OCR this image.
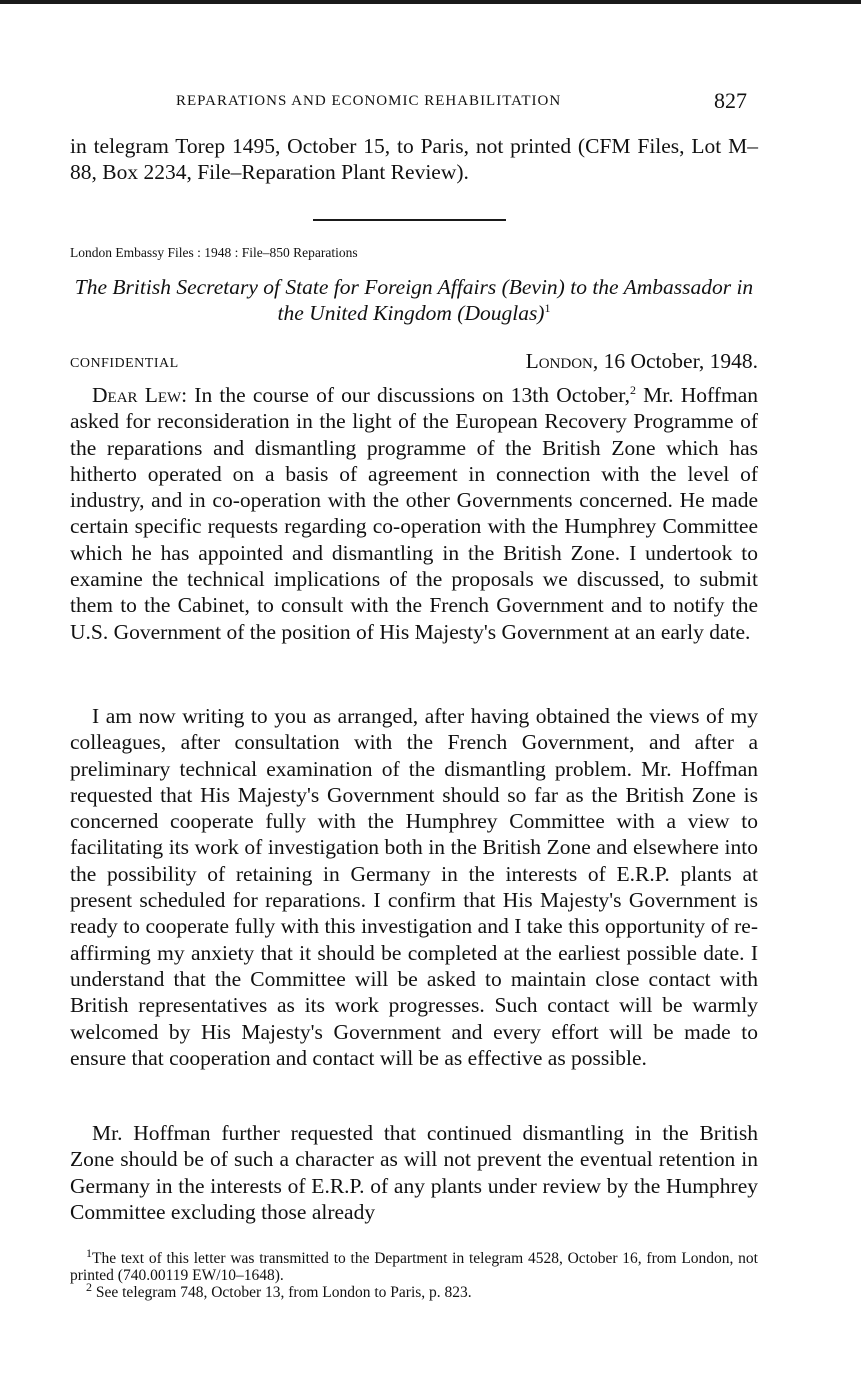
REPARATIONS AND ECONOMIC REHABILITATION	827

in telegram Torep 1495, October 15, to Paris, not printed (CFM Files, Lot M–88, Box 2234, File–Reparation Plant Review).

London Embassy Files : 1948 : File–850 Reparations

The British Secretary of State for Foreign Affairs (Bevin) to the Ambassador in the United Kingdom (Douglas)$^1$

CONFIDENTIAL	London, 16 October, 1948.

Dear Lew: In the course of our discussions on 13th October,$^2$ Mr. Hoffman asked for reconsideration in the light of the European Recovery Programme of the reparations and dismantling programme of the British Zone which has hitherto operated on a basis of agreement in connection with the level of industry, and in co-operation with the other Governments concerned. He made certain specific requests regarding co-operation with the Humphrey Committee which he has appointed and dismantling in the British Zone. I undertook to examine the technical implications of the proposals we discussed, to submit them to the Cabinet, to consult with the French Government and to notify the U.S. Government of the position of His Majesty's Government at an early date.

I am now writing to you as arranged, after having obtained the views of my colleagues, after consultation with the French Government, and after a preliminary technical examination of the dismantling problem. Mr. Hoffman requested that His Majesty's Government should so far as the British Zone is concerned cooperate fully with the Humphrey Committee with a view to facilitating its work of investigation both in the British Zone and elsewhere into the possibility of retaining in Germany in the interests of E.R.P. plants at present scheduled for reparations. I confirm that His Majesty's Government is ready to cooperate fully with this investigation and I take this opportunity of re-affirming my anxiety that it should be completed at the earliest possible date. I understand that the Committee will be asked to maintain close contact with British representatives as its work progresses. Such contact will be warmly welcomed by His Majesty's Government and every effort will be made to ensure that cooperation and contact will be as effective as possible.

Mr. Hoffman further requested that continued dismantling in the British Zone should be of such a character as will not prevent the eventual retention in Germany in the interests of E.R.P. of any plants under review by the Humphrey Committee excluding those already

$^1$The text of this letter was transmitted to the Department in telegram 4528, October 16, from London, not printed (740.00119 EW/10–1648).

$^2$ See telegram 748, October 13, from London to Paris, p. 823.
